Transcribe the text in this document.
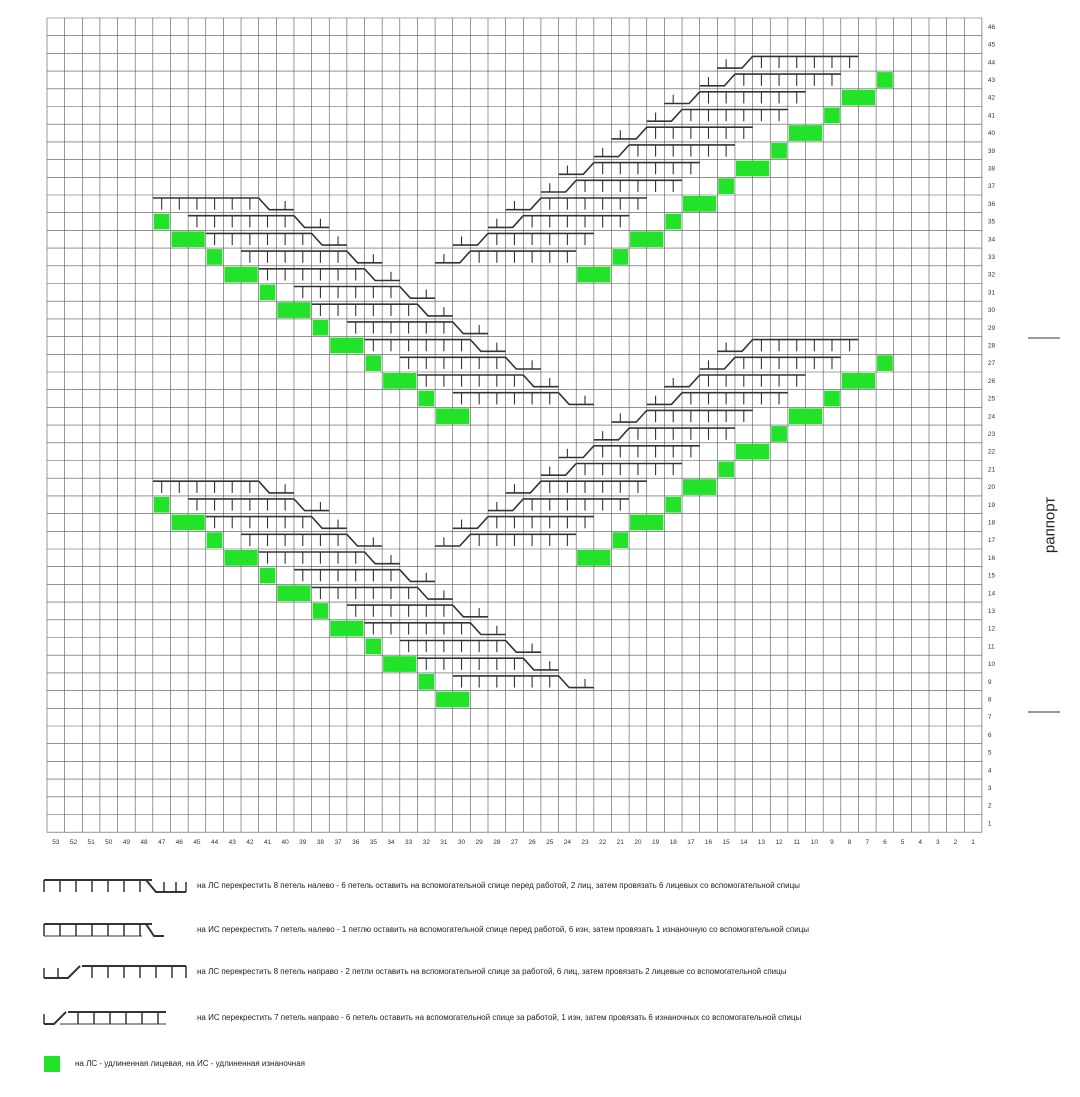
46
45
44
43
42
41
40
39
38
37
36
35
34
33
32
31
30
29
28
27
26
25
24
23
22
21
20
19
18
17
16
15
14
13
12
11
10
9
8
7
6
5
4
3
2
1
53 52 51 50 49 48 47 46 45 44 43 42 41 40 39 38 37 36 35 34 33 32 31 30 29 28 27 26 25 24 23 22 21 20 19 18 17 16 15 14 13 12 11 10 9 8 7 6 5 4 3 2 1
раппорт
на ЛС перекрестить 8 петель налево - 6 петель оставить на вспомогательной спице перед работой, 2 лиц, затем провязать 6 лицевых со вспомогательной спицы
на ИС перекрестить 7 петель налево - 1 петлю оставить на вспомогательной спице перед работой, 6 изн, затем провязать 1 изнаночную со вспомогательной спицы
на ЛС перекрестить 8 петель направо - 2 петли оставить на вспомогательной спице за работой, 6 лиц, затем провязать 2 лицевые со вспомогательной спицы
на ИС перекрестить 7 петель направо - 6 петель оставить на вспомогательной спице за работой, 1 изн, затем провязать 6 изнаночных со вспомогательной спицы
на ЛС - удлиненная лицевая, на ИС - удлиненная изнаночная
